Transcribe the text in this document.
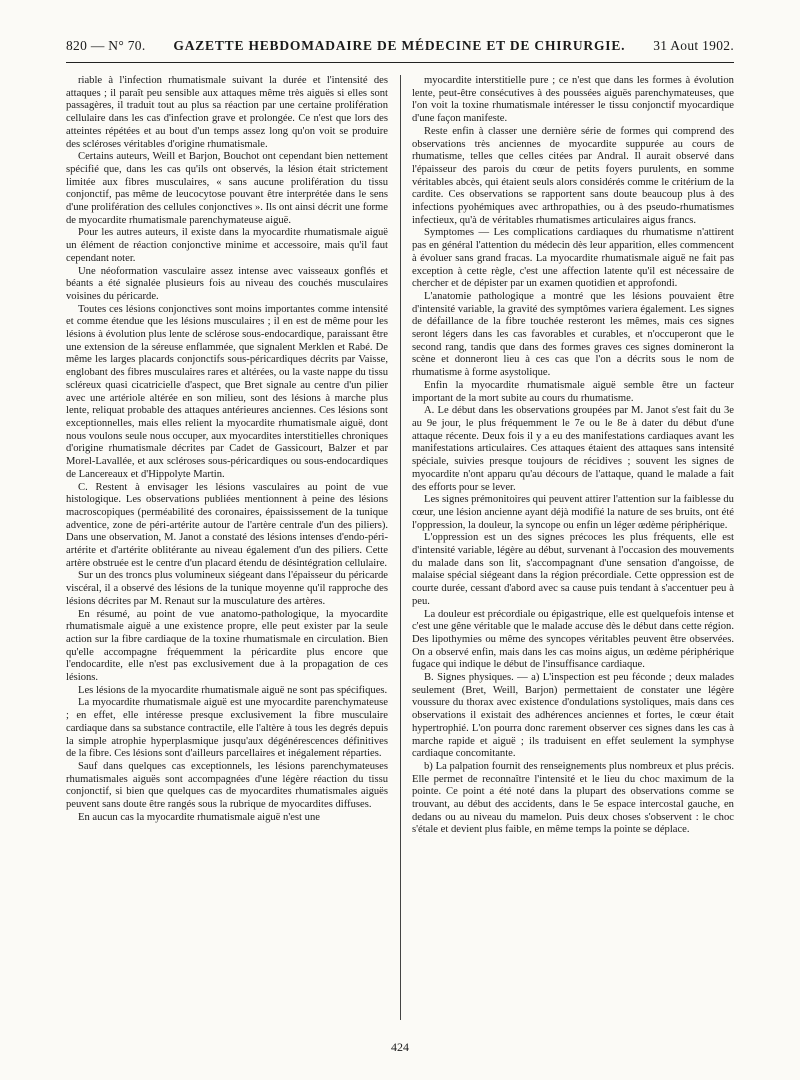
820 — N° 70. GAZETTE HEBDOMADAIRE DE MÉDECINE ET DE CHIRURGIE. 31 Aout 1902.

riable à l'infection rhumatismale suivant la durée et l'intensité des attaques ; il paraît peu sensible aux attaques même très aiguës si elles sont passagères, il traduit tout au plus sa réaction par une certaine prolifération cellulaire dans les cas d'infection grave et prolongée. Ce n'est que lors des atteintes répétées et au bout d'un temps assez long qu'on voit se produire des scléroses véritables d'origine rhumatismale.

Certains auteurs, Weill et Barjon, Bouchot ont cependant bien nettement spécifié que, dans les cas qu'ils ont observés, la lésion était strictement limitée aux fibres musculaires, « sans aucune prolifération du tissu conjonctif, pas même de leucocytose pouvant être interprétée dans le sens d'une prolifération des cellules conjonctives ». Ils ont ainsi décrit une forme de myocardite rhumatismale parenchymateuse aiguë.

Pour les autres auteurs, il existe dans la myocardite rhumatismale aiguë un élément de réaction conjonctive minime et accessoire, mais qu'il faut cependant noter.

Une néoformation vasculaire assez intense avec vaisseaux gonflés et béants a été signalée plusieurs fois au niveau des couchés musculaires voisines du péricarde.

Toutes ces lésions conjonctives sont moins importantes comme intensité et comme étendue que les lésions musculaires ; il en est de même pour les lésions à évolution plus lente de sclérose sous-endocardique, paraissant être une extension de la séreuse enflammée, que signalent Merklen et Rabé. De même les larges placards conjonctifs sous-péricardiques décrits par Vaisse, englobant des fibres musculaires rares et altérées, ou la vaste nappe du tissu scléreux quasi cicatricielle d'aspect, que Bret signale au centre d'un pilier avec une artériole altérée en son milieu, sont des lésions à marche plus lente, reliquat probable des attaques antérieures anciennes. Ces lésions sont exceptionnelles, mais elles relient la myocardite rhumatismale aiguë, dont nous voulons seule nous occuper, aux myocardites interstitielles chroniques d'origine rhumatismale décrites par Cadet de Gassicourt, Balzer et par Morel-Lavallée, et aux scléroses sous-péricardiques ou sous-endocardiques de Lancereaux et d'Hippolyte Martin.

C. Restent à envisager les lésions vasculaires au point de vue histologique. Les observations publiées mentionnent à peine des lésions macroscopiques (perméabilité des coronaires, épaississement de la tunique adventice, zone de péri-artérite autour de l'artère centrale d'un des piliers). Dans une observation, M. Janot a constaté des lésions intenses d'endo-péri-artérite et d'artérite oblitérante au niveau également d'un des piliers. Cette artère obstruée est le centre d'un placard étendu de désintégration cellulaire.

Sur un des troncs plus volumineux siégeant dans l'épaisseur du péricarde viscéral, il a observé des lésions de la tunique moyenne qu'il rapproche des lésions décrites par M. Renaut sur la musculature des artères.

En résumé, au point de vue anatomo-pathologique, la myocardite rhumatismale aiguë a une existence propre, elle peut exister par la seule action sur la fibre cardiaque de la toxine rhumatismale en circulation. Bien qu'elle accompagne fréquemment la péricardite plus encore que l'endocardite, elle n'est pas exclusivement due à la propagation de ces lésions.

Les lésions de la myocardite rhumatismale aiguë ne sont pas spécifiques.

La myocardite rhumatismale aiguë est une myocardite parenchymateuse ; en effet, elle intéresse presque exclusivement la fibre musculaire cardiaque dans sa substance contractile, elle l'altère à tous les degrés depuis la simple atrophie hyperplasmique jusqu'aux dégénérescences définitives de la fibre. Ces lésions sont d'ailleurs parcellaires et inégalement réparties.

Sauf dans quelques cas exceptionnels, les lésions parenchymateuses rhumatismales aiguës sont accompagnées d'une légère réaction du tissu conjonctif, si bien que quelques cas de myocardites rhumatismales aiguës peuvent sans doute être rangés sous la rubrique de myocardites diffuses.

En aucun cas la myocardite rhumatismale aiguë n'est une

myocardite interstitielle pure ; ce n'est que dans les formes à évolution lente, peut-être consécutives à des poussées aiguës parenchymateuses, que l'on voit la toxine rhumatismale intéresser le tissu conjonctif myocardique d'une façon manifeste.

Reste enfin à classer une dernière série de formes qui comprend des observations très anciennes de myocardite suppurée au cours de rhumatisme, telles que celles citées par Andral. Il aurait observé dans l'épaisseur des parois du cœur de petits foyers purulents, en somme véritables abcès, qui étaient seuls alors considérés comme le critérium de la cardite. Ces observations se rapportent sans doute beaucoup plus à des infections pyohémiques avec arthropathies, ou à des pseudo-rhumatismes infectieux, qu'à de véritables rhumatismes articulaires aigus francs.

Symptomes — Les complications cardiaques du rhumatisme n'attirent pas en général l'attention du médecin dès leur apparition, elles commencent à évoluer sans grand fracas. La myocardite rhumatismale aiguë ne fait pas exception à cette règle, c'est une affection latente qu'il est nécessaire de chercher et de dépister par un examen quotidien et approfondi.

L'anatomie pathologique a montré que les lésions pouvaient être d'intensité variable, la gravité des symptômes variera également. Les signes de défaillance de la fibre touchée resteront les mêmes, mais ces signes seront légers dans les cas favorables et curables, et n'occuperont que le second rang, tandis que dans des formes graves ces signes domineront la scène et donneront lieu à ces cas que l'on a décrits sous le nom de rhumatisme à forme asystolique.

Enfin la myocardite rhumatismale aiguë semble être un facteur important de la mort subite au cours du rhumatisme.

A. Le début dans les observations groupées par M. Janot s'est fait du 3e au 9e jour, le plus fréquemment le 7e ou le 8e à dater du début d'une attaque récente. Deux fois il y a eu des manifestations cardiaques avant les manifestations articulaires. Ces attaques étaient des attaques sans intensité spéciale, suivies presque toujours de récidives ; souvent les signes de myocardite n'ont apparu qu'au décours de l'attaque, quand le malade a fait des efforts pour se lever.

Les signes prémonitoires qui peuvent attirer l'attention sur la faiblesse du cœur, une lésion ancienne ayant déjà modifié la nature de ses bruits, ont été l'oppression, la douleur, la syncope ou enfin un léger œdème périphérique.

L'oppression est un des signes précoces les plus fréquents, elle est d'intensité variable, légère au début, survenant à l'occasion des mouvements du malade dans son lit, s'accompagnant d'une sensation d'angoisse, de malaise spécial siégeant dans la région précordiale. Cette oppression est de courte durée, cessant d'abord avec sa cause puis tendant à s'accentuer peu à peu.

La douleur est précordiale ou épigastrique, elle est quelquefois intense et c'est une gêne véritable que le malade accuse dès le début dans cette région. Des lipothymies ou même des syncopes véritables peuvent être observées. On a observé enfin, mais dans les cas moins aigus, un œdème périphérique fugace qui indique le début de l'insuffisance cardiaque.

B. Signes physiques. — a) L'inspection est peu féconde ; deux malades seulement (Bret, Weill, Barjon) permettaient de constater une légère voussure du thorax avec existence d'ondulations systoliques, mais dans ces observations il existait des adhérences anciennes et fortes, le cœur était hypertrophié. L'on pourra donc rarement observer ces signes dans les cas à marche rapide et aiguë ; ils traduisent en effet seulement la symphyse cardiaque concomitante.

b) La palpation fournit des renseignements plus nombreux et plus précis. Elle permet de reconnaître l'intensité et le lieu du choc maximum de la pointe. Ce point a été noté dans la plupart des observations comme se trouvant, au début des accidents, dans le 5e espace intercostal gauche, en dedans ou au niveau du mamelon. Puis deux choses s'observent : le choc s'étale et devient plus faible, en même temps la pointe se déplace.

424
